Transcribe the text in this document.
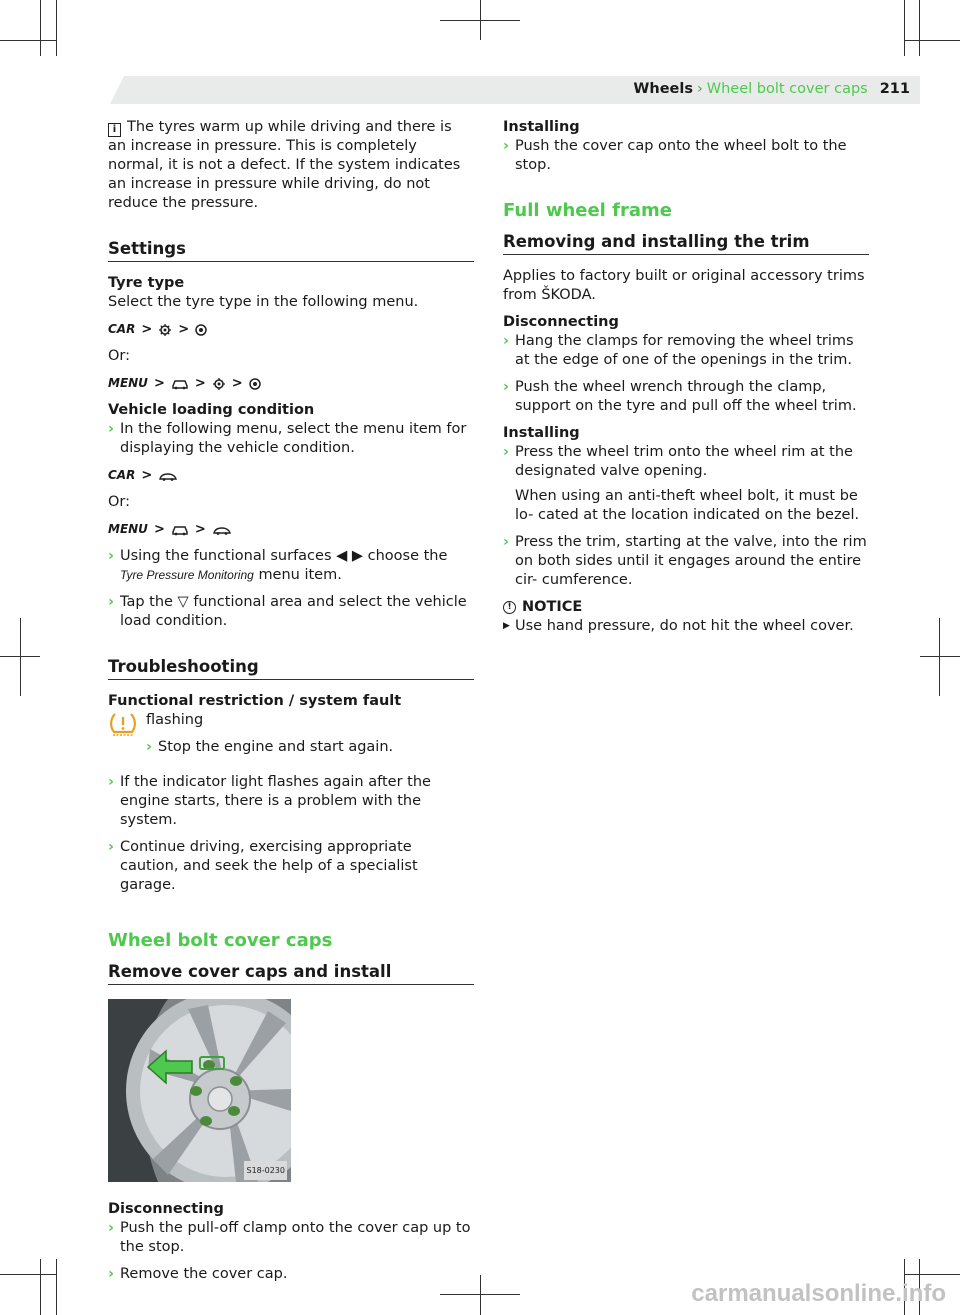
Wheels › Wheel bolt cover caps 211

i The tyres warm up while driving and there is an increase in pressure. This is completely normal, it is not a defect. If the system indicates an increase in pressure while driving, do not reduce the pressure.

Settings
Tyre type

Select the tyre type in the following menu.

CAR > >

Or:

MENU > > >
Vehicle loading condition
› In the following menu, select the menu item for displaying the vehicle condition.
CAR >

Or:

MENU > >
› Using the functional surfaces ◀ ▶ choose the Tyre Pressure Monitoring menu item.
› Tap the ▽ functional area and select the vehicle load condition.
Troubleshooting
Functional restriction / system fault
flashing
› Stop the engine and start again.
› If the indicator light flashes again after the engine starts, there is a problem with the system.
› Continue driving, exercising appropriate caution, and seek the help of a specialist garage.
Wheel bolt cover caps
Remove cover caps and install
S18-0230
Disconnecting
› Push the pull-off clamp onto the cover cap up to the stop.
› Remove the cover cap.
Installing
› Push the cover cap onto the wheel bolt to the stop.
Full wheel frame
Removing and installing the trim

Applies to factory built or original accessory trims from ŠKODA.

Disconnecting
› Hang the clamps for removing the wheel trims at the edge of one of the openings in the trim.
› Push the wheel wrench through the clamp, support on the tyre and pull off the wheel trim.
Installing
› Press the wheel trim onto the wheel rim at the designated valve opening.
When using an anti-theft wheel bolt, it must be lo- cated at the location indicated on the bezel.
› Press the trim, starting at the valve, into the rim on both sides until it engages around the entire cir- cumference.
! NOTICE
▶ Use hand pressure, do not hit the wheel cover.
carmanualsonline.info
